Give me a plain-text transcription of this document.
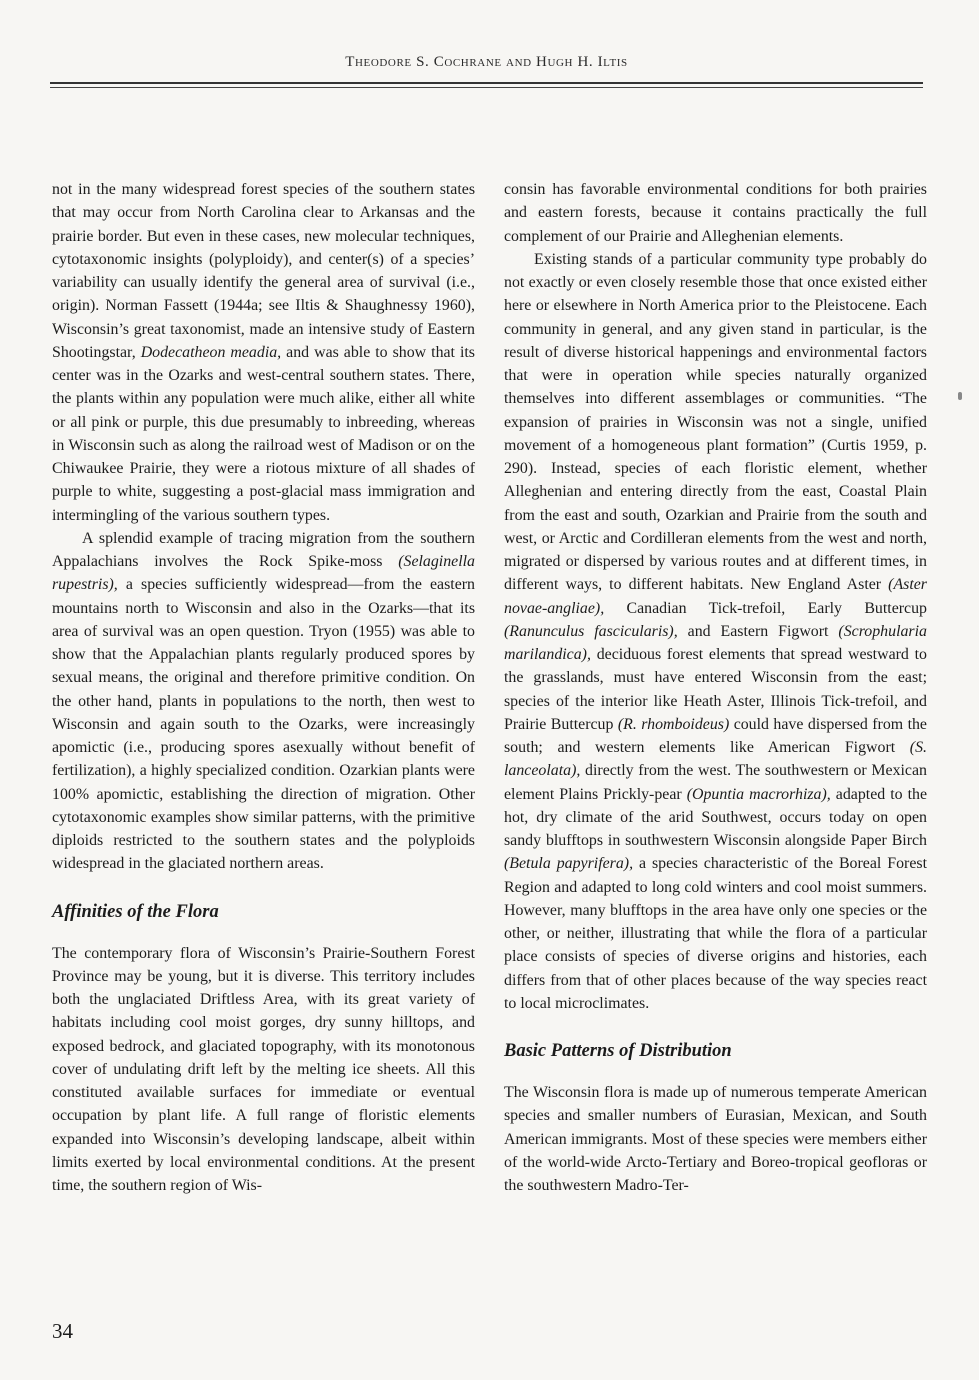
Theodore S. Cochrane and Hugh H. Iltis

not in the many widespread forest species of the southern states that may occur from North Carolina clear to Arkansas and the prairie border. But even in these cases, new molecular techniques, cytotaxonomic insights (polyploidy), and center(s) of a species’ variability can usually identify the general area of survival (i.e., origin). Norman Fassett (1944a; see Iltis & Shaughnessy 1960), Wisconsin’s great taxonomist, made an intensive study of Eastern Shootingstar, Dodecatheon meadia, and was able to show that its center was in the Ozarks and west-central southern states. There, the plants within any population were much alike, either all white or all pink or purple, this due presumably to inbreeding, whereas in Wisconsin such as along the railroad west of Madison or on the Chiwaukee Prairie, they were a riotous mixture of all shades of purple to white, suggesting a post-glacial mass immigration and intermingling of the various southern types.

A splendid example of tracing migration from the southern Appalachians involves the Rock Spike-moss (Selaginella rupestris), a species sufficiently widespread—from the eastern mountains north to Wisconsin and also in the Ozarks—that its area of survival was an open question. Tryon (1955) was able to show that the Appalachian plants regularly produced spores by sexual means, the original and therefore primitive condition. On the other hand, plants in populations to the north, then west to Wisconsin and again south to the Ozarks, were increasingly apomictic (i.e., producing spores asexually without benefit of fertilization), a highly specialized condition. Ozarkian plants were 100% apomictic, establishing the direction of migration. Other cytotaxonomic examples show similar patterns, with the primitive diploids restricted to the southern states and the polyploids widespread in the glaciated northern areas.

Affinities of the Flora

The contemporary flora of Wisconsin’s Prairie-Southern Forest Province may be young, but it is diverse. This territory includes both the unglaciated Driftless Area, with its great variety of habitats including cool moist gorges, dry sunny hilltops, and exposed bedrock, and glaciated topography, with its monotonous cover of undulating drift left by the melting ice sheets. All this constituted available surfaces for immediate or eventual occupation by plant life. A full range of floristic elements expanded into Wisconsin’s developing landscape, albeit within limits exerted by local environmental conditions. At the present time, the southern region of Wis-

consin has favorable environmental conditions for both prairies and eastern forests, because it contains practically the full complement of our Prairie and Alleghenian elements.

Existing stands of a particular community type probably do not exactly or even closely resemble those that once existed either here or elsewhere in North America prior to the Pleistocene. Each community in general, and any given stand in particular, is the result of diverse historical happenings and environmental factors that were in operation while species naturally organized themselves into different assemblages or communities. “The expansion of prairies in Wisconsin was not a single, unified movement of a homogeneous plant formation” (Curtis 1959, p. 290). Instead, species of each floristic element, whether Alleghenian and entering directly from the east, Coastal Plain from the east and south, Ozarkian and Prairie from the south and west, or Arctic and Cordilleran elements from the west and north, migrated or dispersed by various routes and at different times, in different ways, to different habitats. New England Aster (Aster novae-angliae), Canadian Tick-trefoil, Early Buttercup (Ranunculus fascicularis), and Eastern Figwort (Scrophularia marilandica), deciduous forest elements that spread westward to the grasslands, must have entered Wisconsin from the east; species of the interior like Heath Aster, Illinois Tick-trefoil, and Prairie Buttercup (R. rhomboideus) could have dispersed from the south; and western elements like American Figwort (S. lanceolata), directly from the west. The southwestern or Mexican element Plains Prickly-pear (Opuntia macrorhiza), adapted to the hot, dry climate of the arid Southwest, occurs today on open sandy blufftops in southwestern Wisconsin alongside Paper Birch (Betula papyrifera), a species characteristic of the Boreal Forest Region and adapted to long cold winters and cool moist summers. However, many blufftops in the area have only one species or the other, or neither, illustrating that while the flora of a particular place consists of species of diverse origins and histories, each differs from that of other places because of the way species react to local microclimates.

Basic Patterns of Distribution

The Wisconsin flora is made up of numerous temperate American species and smaller numbers of Eurasian, Mexican, and South American immigrants. Most of these species were members either of the world-wide Arcto-Tertiary and Boreo-tropical geofloras or the southwestern Madro-Ter-

34
